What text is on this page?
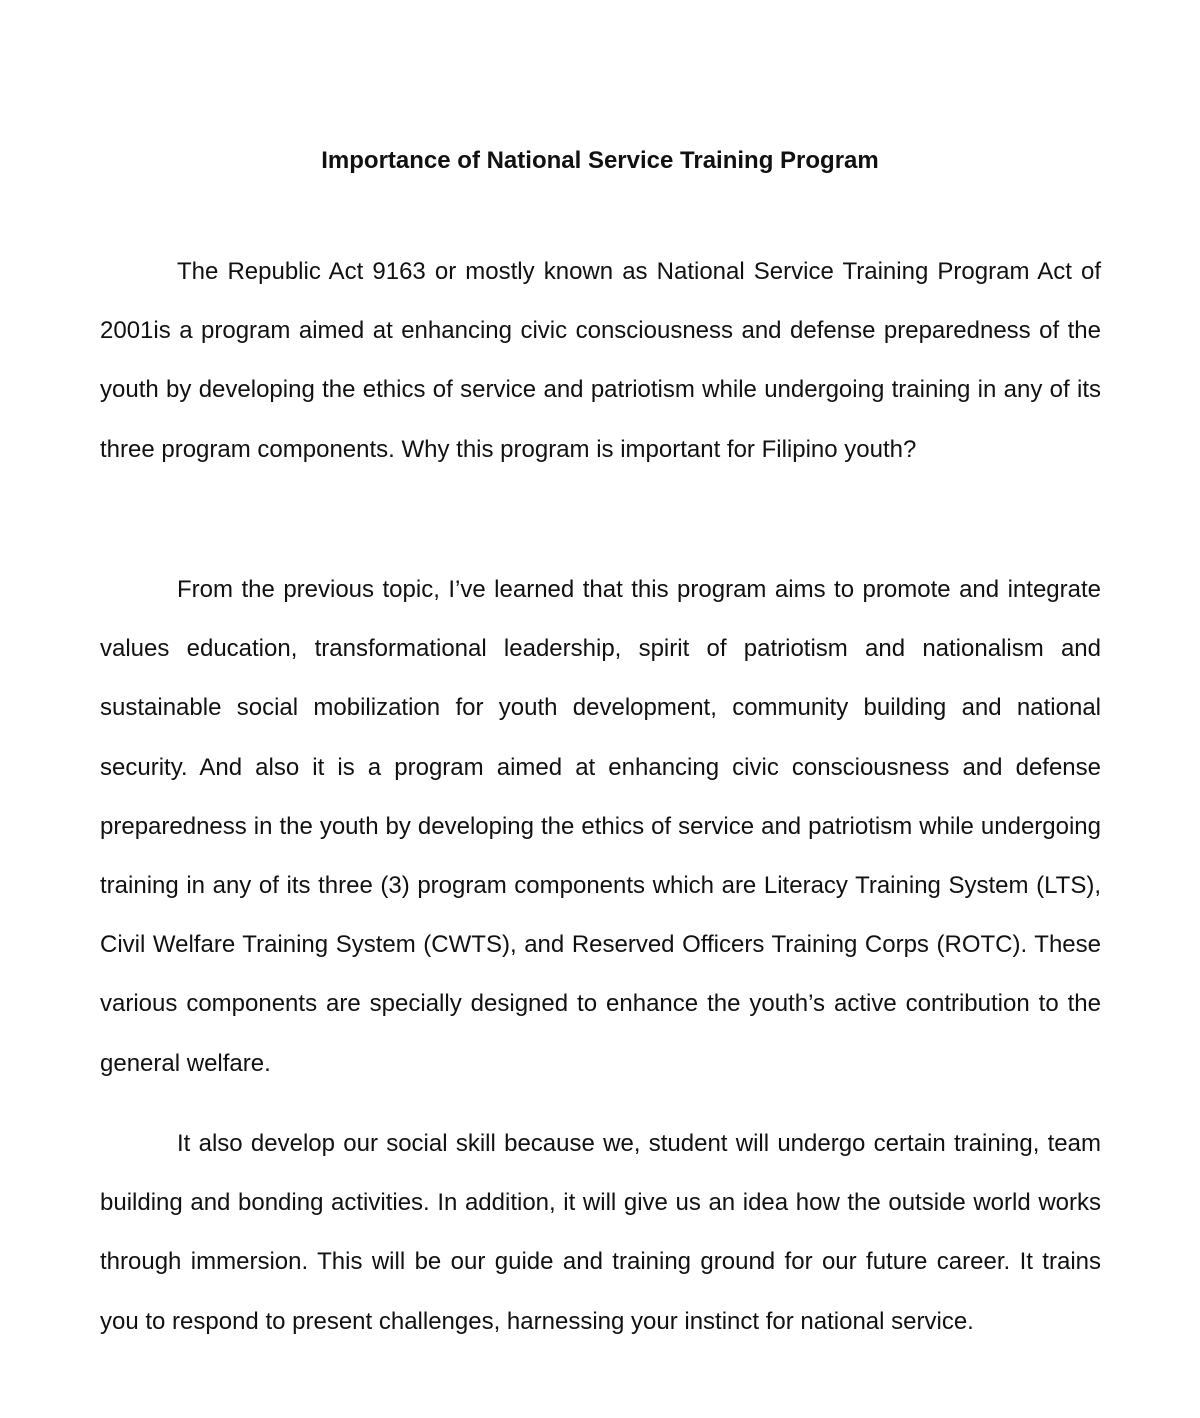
Importance of National Service Training Program

The Republic Act 9163 or mostly known as National Service Training Program Act of 2001is a program aimed at enhancing civic consciousness and defense preparedness of the youth by developing the ethics of service and patriotism while undergoing training in any of its three program components. Why this program is important for Filipino youth?

From the previous topic, I’ve learned that this program aims to promote and integrate values education, transformational leadership, spirit of patriotism and nationalism and sustainable social mobilization for youth development, community building and national security. And also it is a program aimed at enhancing civic consciousness and defense preparedness in the youth by developing the ethics of service and patriotism while undergoing training in any of its three (3) program components which are Literacy Training System (LTS), Civil Welfare Training System (CWTS), and Reserved Officers Training Corps (ROTC). These various components are specially designed to enhance the youth’s active contribution to the general welfare.

It also develop our social skill because we, student will undergo certain training, team building and bonding activities. In addition, it will give us an idea how the outside world works through immersion. This will be our guide and training ground for our future career. It trains you to respond to present challenges, harnessing your instinct for national service.
